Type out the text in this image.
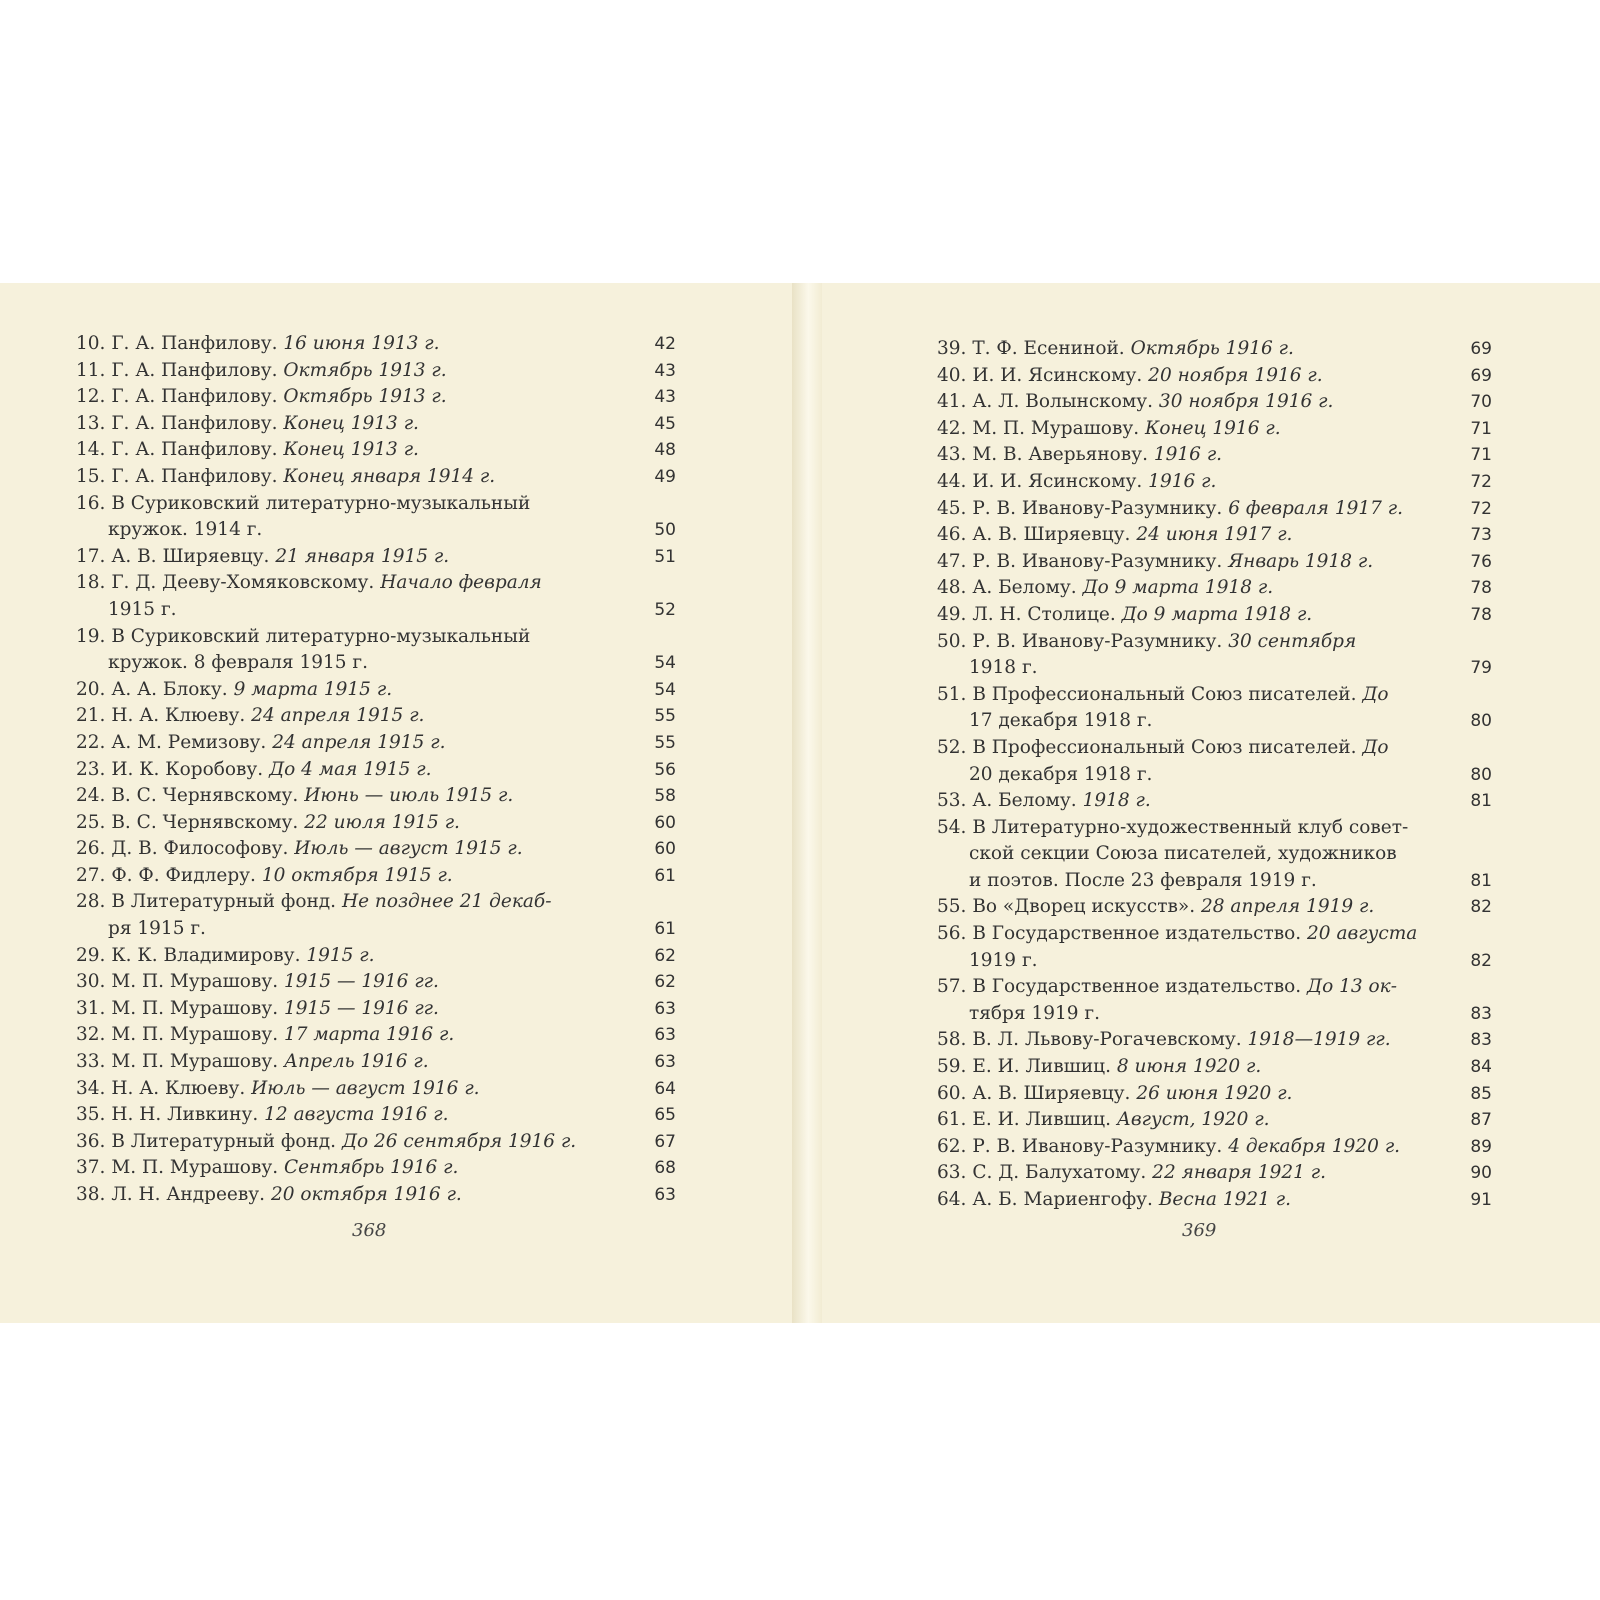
10. Г. А. Панфилову. 16 июня 1913 г.	42
11. Г. А. Панфилову. Октябрь 1913 г.	43
12. Г. А. Панфилову. Октябрь 1913 г.	43
13. Г. А. Панфилову. Конец 1913 г.	45
14. Г. А. Панфилову. Конец 1913 г.	48
15. Г. А. Панфилову. Конец января 1914 г.	49
16. В Суриковский литературно-музыкальный
кружок. 1914 г.	50
17. А. В. Ширяевцу. 21 января 1915 г.	51
18. Г. Д. Дееву-Хомяковскому. Начало февраля
1915 г.	52
19. В Суриковский литературно-музыкальный
кружок. 8 февраля 1915 г.	54
20. А. А. Блоку. 9 марта 1915 г.	54
21. Н. А. Клюеву. 24 апреля 1915 г.	55
22. А. М. Ремизову. 24 апреля 1915 г.	55
23. И. К. Коробову. До 4 мая 1915 г.	56
24. В. С. Чернявскому. Июнь — июль 1915 г.	58
25. В. С. Чернявскому. 22 июля 1915 г.	60
26. Д. В. Философову. Июль — август 1915 г.	60
27. Ф. Ф. Фидлеру. 10 октября 1915 г.	61
28. В Литературный фонд. Не позднее 21 декаб-
ря 1915 г.	61
29. К. К. Владимирову. 1915 г.	62
30. М. П. Мурашову. 1915 — 1916 гг.	62
31. М. П. Мурашову. 1915 — 1916 гг.	63
32. М. П. Мурашову. 17 марта 1916 г.	63
33. М. П. Мурашову. Апрель 1916 г.	63
34. Н. А. Клюеву. Июль — август 1916 г.	64
35. Н. Н. Ливкину. 12 августа 1916 г.	65
36. В Литературный фонд. До 26 сентября 1916 г.	67
37. М. П. Мурашову. Сентябрь 1916 г.	68
38. Л. Н. Андрееву. 20 октября 1916 г.	63
368
39. Т. Ф. Есениной. Октябрь 1916 г.	69
40. И. И. Ясинскому. 20 ноября 1916 г.	69
41. А. Л. Волынскому. 30 ноября 1916 г.	70
42. М. П. Мурашову. Конец 1916 г.	71
43. М. В. Аверьянову. 1916 г.	71
44. И. И. Ясинскому. 1916 г.	72
45. Р. В. Иванову-Разумнику. 6 февраля 1917 г.	72
46. А. В. Ширяевцу. 24 июня 1917 г.	73
47. Р. В. Иванову-Разумнику. Январь 1918 г.	76
48. А. Белому. До 9 марта 1918 г.	78
49. Л. Н. Столице. До 9 марта 1918 г.	78
50. Р. В. Иванову-Разумнику. 30 сентября
1918 г.	79
51. В Профессиональный Союз писателей. До
17 декабря 1918 г.	80
52. В Профессиональный Союз писателей. До
20 декабря 1918 г.	80
53. А. Белому. 1918 г.	81
54. В Литературно-художественный клуб совет-
ской секции Союза писателей, художников
и поэтов. После 23 февраля 1919 г.	81
55. Во «Дворец искусств». 28 апреля 1919 г.	82
56. В Государственное издательство. 20 августа
1919 г.	82
57. В Государственное издательство. До 13 ок-
тября 1919 г.	83
58. В. Л. Львову-Рогачевскому. 1918—1919 гг.	83
59. Е. И. Лившиц. 8 июня 1920 г.	84
60. А. В. Ширяевцу. 26 июня 1920 г.	85
61. Е. И. Лившиц. Август, 1920 г.	87
62. Р. В. Иванову-Разумнику. 4 декабря 1920 г.	89
63. С. Д. Балухатому. 22 января 1921 г.	90
64. А. Б. Мариенгофу. Весна 1921 г.	91
369
